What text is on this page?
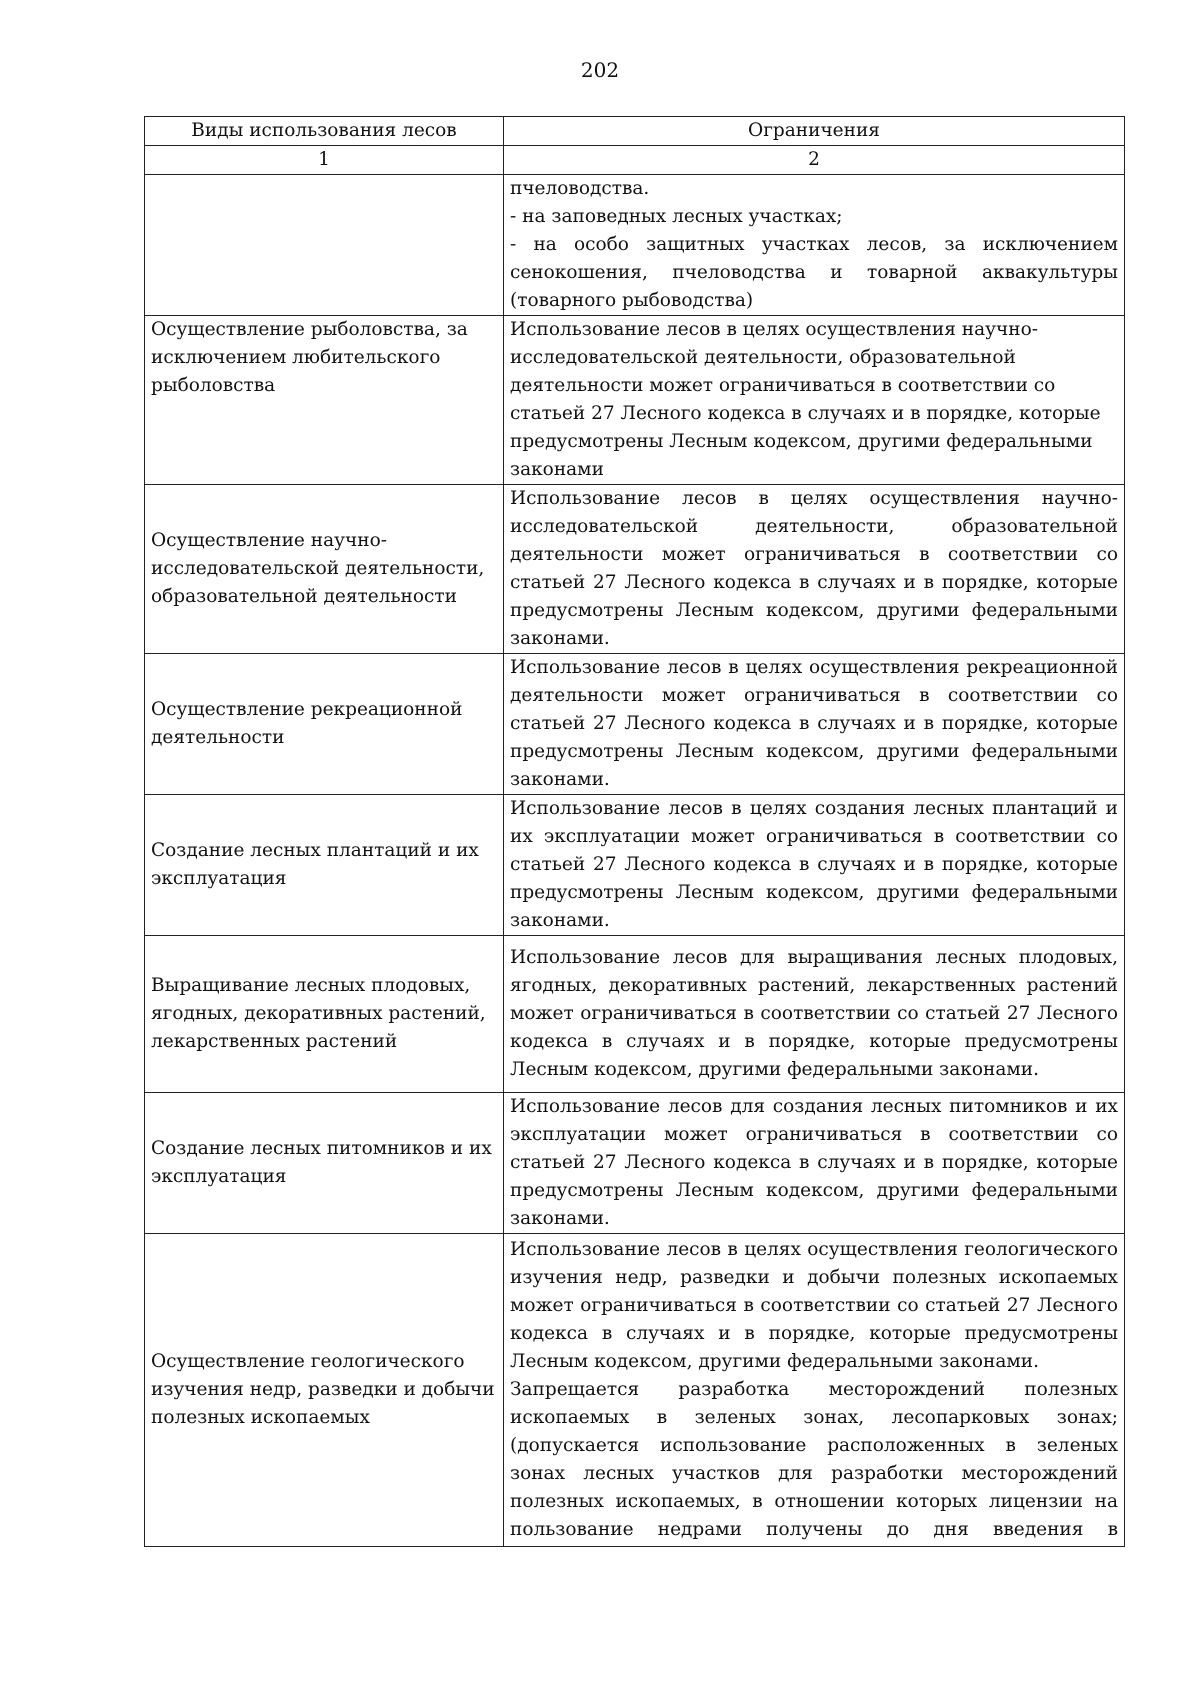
202
Виды использования лесов	Ограничения
1	2

	пчеловодства.
- на заповедных лесных участках;
- на особо защитных участках лесов, за исключением сенокошения, пчеловодства и товарной аквакультуры (товарного рыбоводства)

Осуществление рыболовства, за исключением любительского рыболовства	Использование лесов в целях осуществления научно-исследовательской деятельности, образовательной деятельности может ограничиваться в соответствии со статьей 27 Лесного кодекса в случаях и в порядке, которые предусмотрены Лесным кодексом, другими федеральными законами

Осуществление научно-исследовательской деятельности, образовательной деятельности	Использование лесов в целях осуществления научно-исследовательской деятельности, образовательной деятельности может ограничиваться в соответствии со статьей 27 Лесного кодекса в случаях и в порядке, которые предусмотрены Лесным кодексом, другими федеральными законами.

Осуществление рекреационной деятельности	Использование лесов в целях осуществления рекреационной деятельности может ограничиваться в соответствии со статьей 27 Лесного кодекса в случаях и в порядке, которые предусмотрены Лесным кодексом, другими федеральными законами.

Создание лесных плантаций и их эксплуатация	Использование лесов в целях создания лесных плантаций и их эксплуатации может ограничиваться в соответствии со статьей 27 Лесного кодекса в случаях и в порядке, которые предусмотрены Лесным кодексом, другими федеральными законами.

Выращивание лесных плодовых, ягодных, декоративных растений, лекарственных растений	Использование лесов для выращивания лесных плодовых, ягодных, декоративных растений, лекарственных растений может ограничиваться в соответствии со статьей 27 Лесного кодекса в случаях и в порядке, которые предусмотрены Лесным кодексом, другими федеральными законами.

Создание лесных питомников и их эксплуатация	Использование лесов для создания лесных питомников и их эксплуатации может ограничиваться в соответствии со статьей 27 Лесного кодекса в случаях и в порядке, которые предусмотрены Лесным кодексом, другими федеральными законами.

Осуществление геологического изучения недр, разведки и добычи полезных ископаемых	Использование лесов в целях осуществления геологического изучения недр, разведки и добычи полезных ископаемых может ограничиваться в соответствии со статьей 27 Лесного кодекса в случаях и в порядке, которые предусмотрены Лесным кодексом, другими федеральными законами.
Запрещается разработка месторождений полезных ископаемых в зеленых зонах, лесопарковых зонах; (допускается использование расположенных в зеленых зонах лесных участков для разработки месторождений полезных ископаемых, в отношении которых лицензии на пользование недрами получены до дня введения в
